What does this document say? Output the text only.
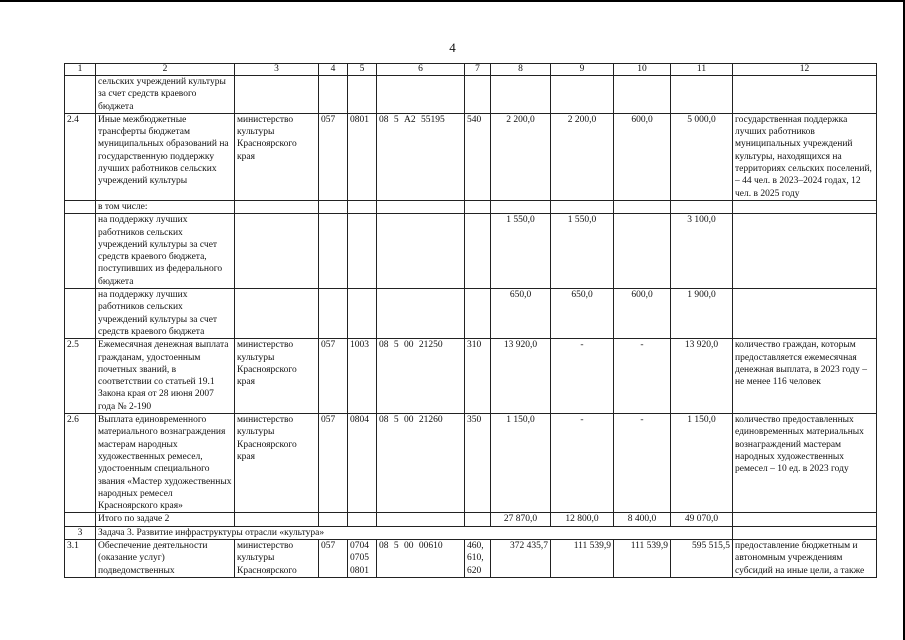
4
1	2	3	4	5	6	7	8	9	10	11	12
	сельских учреждений культуры за счет средств краевого бюджета										
2.4	Иные межбюджетные трансферты бюджетам муниципальных образований на государственную поддержку лучших работников сельских учреждений культуры	министерство культуры Красноярского края	057	0801	08 5 А2 55195	540	2 200,0	2 200,0	600,0	5 000,0	государственная поддержка лучших работников муниципальных учреждений культуры, находящихся на территориях сельских поселений, – 44 чел. в 2023–2024 годах, 12 чел. в 2025 году
	в том числе:										
	на поддержку лучших работников сельских учреждений культуры за счет средств краевого бюджета, поступивших из федерального бюджета						1 550,0	1 550,0		3 100,0	
	на поддержку лучших работников сельских учреждений культуры за счет средств краевого бюджета						650,0	650,0	600,0	1 900,0	
2.5	Ежемесячная денежная выплата гражданам, удостоенным почетных званий, в соответствии со статьей 19.1 Закона края от 28 июня 2007 года № 2-190	министерство культуры Красноярского края	057	1003	08 5 00 21250	310	13 920,0	-	-	13 920,0	количество граждан, которым предоставляется ежемесячная денежная выплата, в 2023 году – не менее 116 человек
2.6	Выплата единовременного материального вознаграждения мастерам народных художественных ремесел, удостоенным специального звания «Мастер художественных народных ремесел Красноярского края»	министерство культуры Красноярского края	057	0804	08 5 00 21260	350	1 150,0	-	-	1 150,0	количество предоставленных единовременных материальных вознаграждений мастерам народных художественных ремесел – 10 ед. в 2023 году
	Итого по задаче 2						27 870,0	12 800,0	8 400,0	49 070,0	
3	Задача 3. Развитие инфраструктуры отрасли «культура»										
3.1	Обеспечение деятельности (оказание услуг) подведомственных	министерство культуры Красноярского	057	0704 0705 0801	08 5 00 00610	460, 610, 620	372 435,7	111 539,9	111 539,9	595 515,5	предоставление бюджетным и автономным учреждениям субсидий на иные цели, а также
